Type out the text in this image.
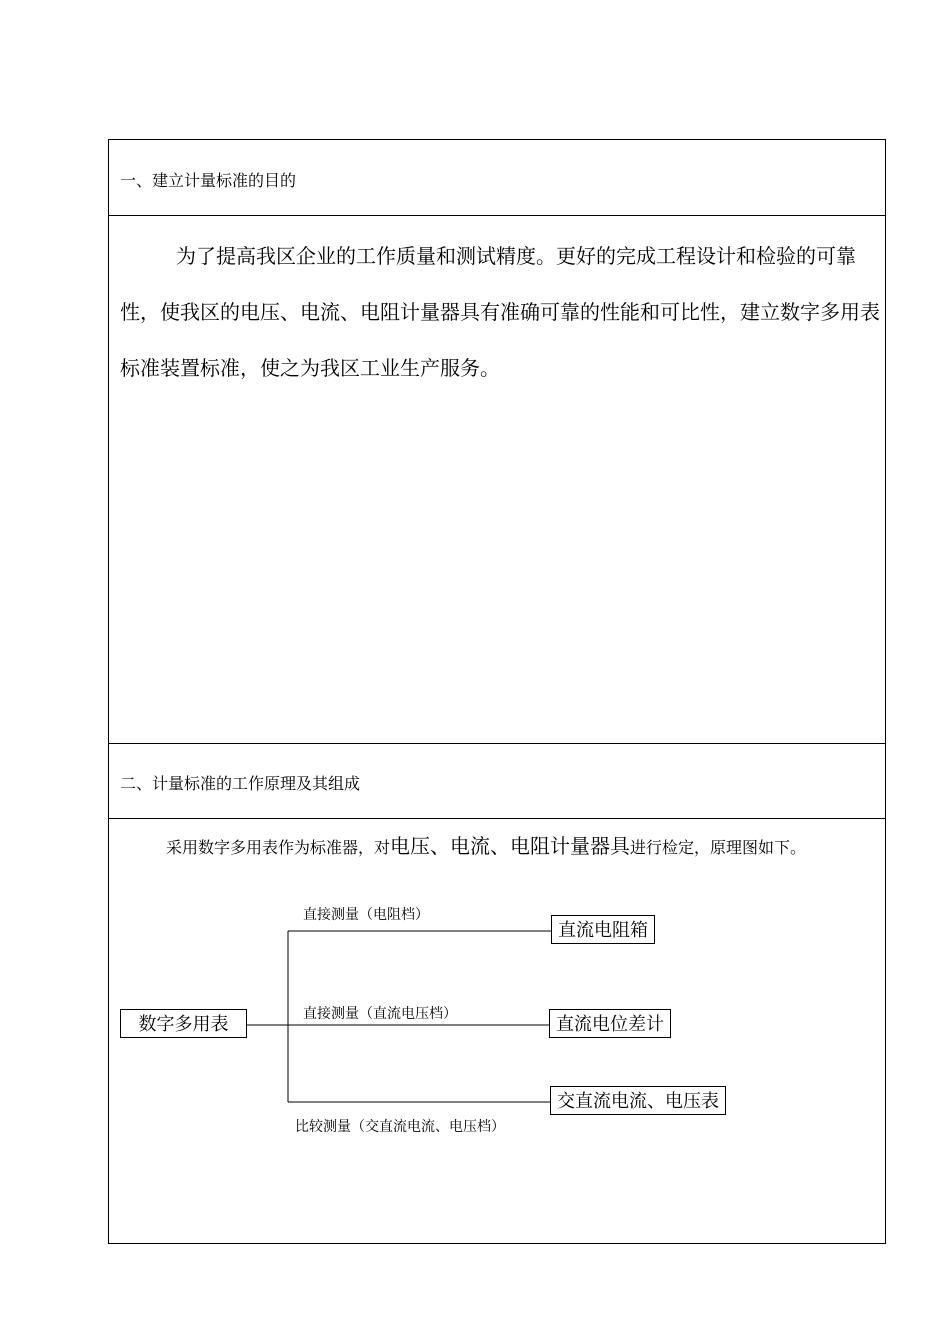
一、建立计量标准的目的
为了提高我区企业的工作质量和测试精度。更好的完成工程设计和检验的可靠性，使我区的电压、电流、电阻计量器具有准确可靠的性能和可比性，建立数字多用表标准装置标准，使之为我区工业生产服务。
二、计量标准的工作原理及其组成
采用数字多用表作为标准器，对电压、电流、电阻计量器具进行检定，原理图如下。
数字多用表
直流电阻箱
直流电位差计
交直流电流、电压表
直接测量（电阻档）
直接测量（直流电压档）
比较测量（交直流电流、电压档）
